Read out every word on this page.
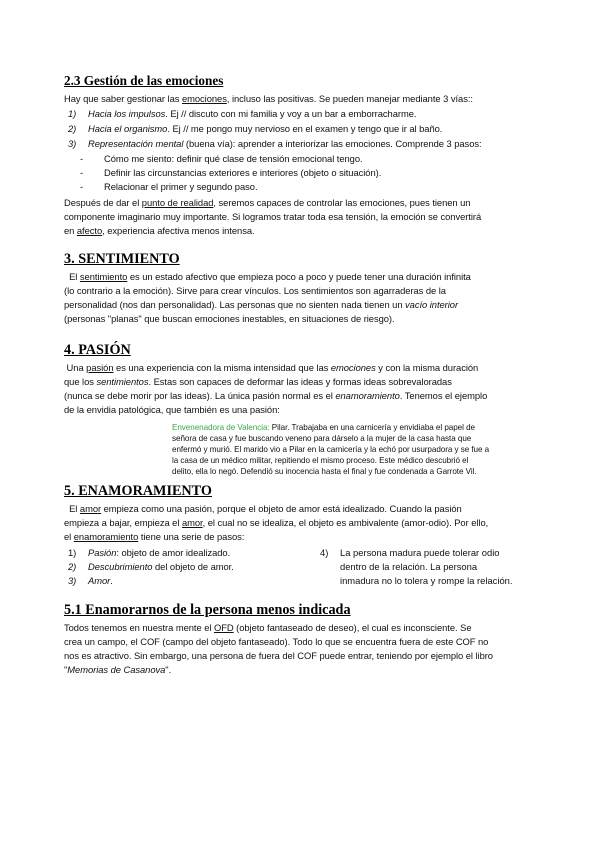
2.3 Gestión de las emociones
Hay que saber gestionar las emociones, incluso las positivas. Se pueden manejar mediante 3 vías::
1) Hacia los impulsos. Ej // discuto con mi familia y voy a un bar a emborracharme.
2) Hacia el organismo. Ej // me pongo muy nervioso en el examen y tengo que ir al baño.
3) Representación mental (buena vía): aprender a interiorizar las emociones. Comprende 3 pasos:
- Cómo me siento: definir qué clase de tensión emocional tengo.
- Definir las circunstancias exteriores e interiores (objeto o situación).
- Relacionar el primer y segundo paso.
Después de dar el punto de realidad, seremos capaces de controlar las emociones, pues tienen un
componente imaginario muy importante. Si logramos tratar toda esa tensión, la emoción se convertirá
en afecto, experiencia afectiva menos intensa.
3. SENTIMIENTO
El sentimiento es un estado afectivo que empieza poco a poco y puede tener una duración infinita
(lo contrario a la emoción). Sirve para crear vínculos. Los sentimientos son agarraderas de la
personalidad (nos dan personalidad). Las personas que no sienten nada tienen un vacío interior
(personas "planas" que buscan emociones inestables, en situaciones de riesgo).
4. PASIÓN
Una pasión es una experiencia con la misma intensidad que las emociones y con la misma duración
que los sentimientos. Estas son capaces de deformar las ideas y formas ideas sobrevaloradas
(nunca se debe morir por las ideas). La única pasión normal es el enamoramiento. Tenemos el ejemplo
de la envidia patológica, que también es una pasión:
Envenenadora de Valencia: Pilar. Trabajaba en una carnicería y envidiaba el papel de
señora de casa y fue buscando veneno para dárselo a la mujer de la casa hasta que
enfermó y murió. El marido vio a Pilar en la carnicería y la echó por usurpadora y se fue a
la casa de un médico militar, repitiendo el mismo proceso. Este médico descubrió el
delito, ella lo negó. Defendió su inocencia hasta el final y fue condenada a Garrote Vil.
5. ENAMORAMIENTO
El amor empieza como una pasión, porque el objeto de amor está idealizado. Cuando la pasión
empieza a bajar, empieza el amor, el cual no se idealiza, el objeto es ambivalente (amor-odio). Por ello,
el enamoramiento tiene una serie de pasos:
1) Pasión: objeto de amor idealizado.
2) Descubrimiento del objeto de amor.
3) Amor.
4) La persona madura puede tolerar odio
dentro de la relación. La persona
inmadura no lo tolera y rompe la relación.
5.1 Enamorarnos de la persona menos indicada
Todos tenemos en nuestra mente el OFD (objeto fantaseado de deseo), el cual es inconsciente. Se
crea un campo, el COF (campo del objeto fantaseado). Todo lo que se encuentra fuera de este COF no
nos es atractivo. Sin embargo, una persona de fuera del COF puede entrar, teniendo por ejemplo el libro
"Memorias de Casanova".
